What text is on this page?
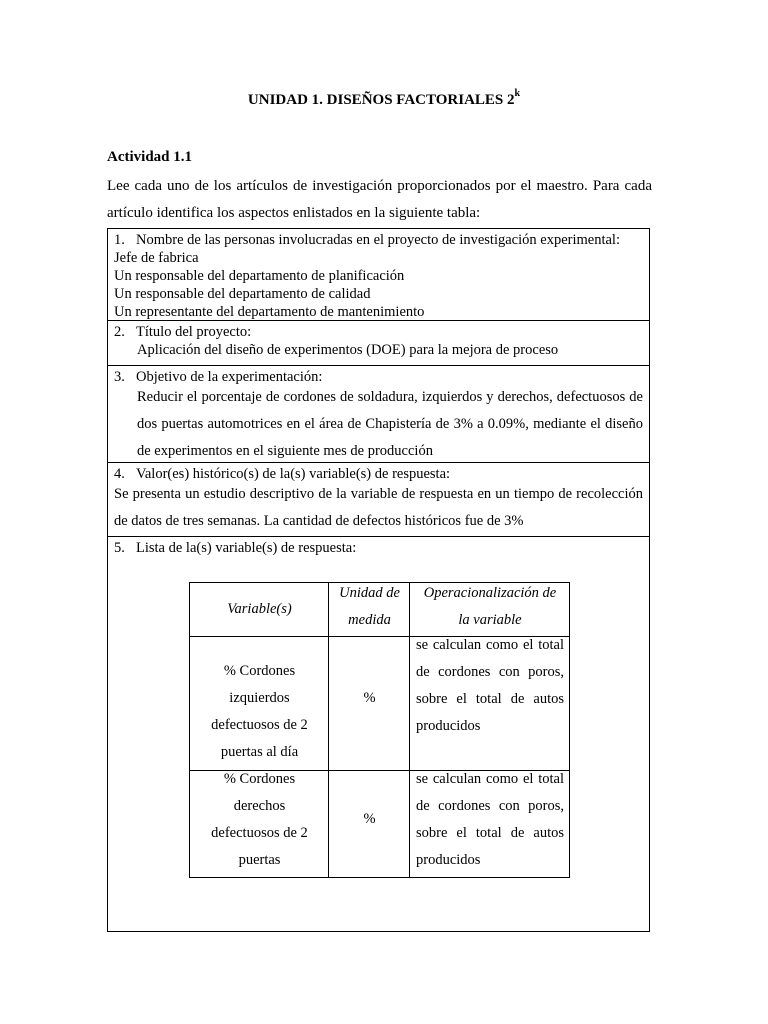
UNIDAD 1. DISEÑOS FACTORIALES 2$^k$
Actividad 1.1
Lee cada uno de los artículos de investigación proporcionados por el maestro. Para cada artículo identifica los aspectos enlistados en la siguiente tabla:
1. Nombre de las personas involucradas en el proyecto de investigación experimental:
Jefe de fabrica
Un responsable del departamento de planificación
Un responsable del departamento de calidad
Un representante del departamento de mantenimiento
2. Título del proyecto:
Aplicación del diseño de experimentos (DOE) para la mejora de proceso
3. Objetivo de la experimentación:
Reducir el porcentaje de cordones de soldadura, izquierdos y derechos, defectuosos de dos puertas automotrices en el área de Chapistería de 3% a 0.09%, mediante el diseño de experimentos en el siguiente mes de producción
4. Valor(es) histórico(s) de la(s) variable(s) de respuesta:
Se presenta un estudio descriptivo de la variable de respuesta en un tiempo de recolección de datos de tres semanas. La cantidad de defectos históricos fue de 3%
5. Lista de la(s) variable(s) de respuesta:
Variable(s)
Unidad de
medida
Operacionalización de
la variable
% Cordones
izquierdos
defectuosos de 2
puertas al día
%
se calculan como el total
de cordones con poros,
sobre el total de autos
producidos
% Cordones
derechos
defectuosos de 2
puertas
%
se calculan como el total
de cordones con poros,
sobre el total de autos
producidos
